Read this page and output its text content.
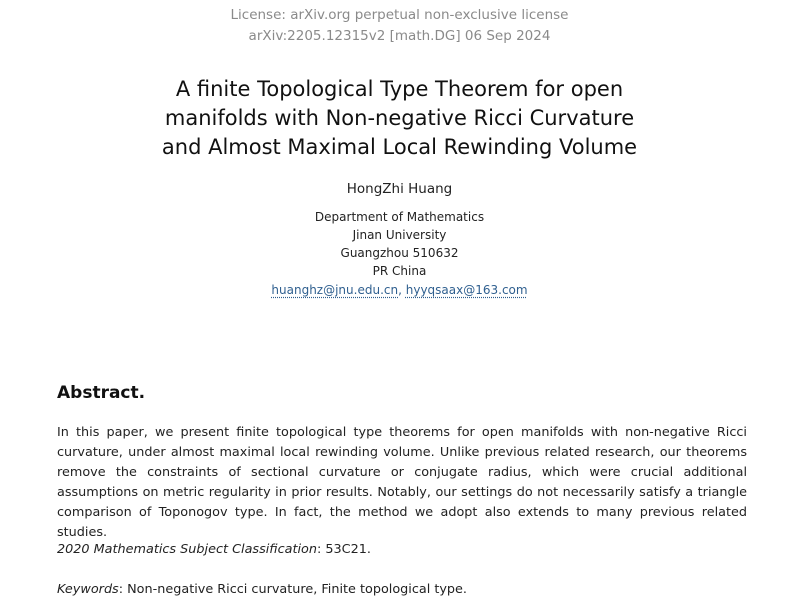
License: arXiv.org perpetual non-exclusive license
arXiv:2205.12315v2 [math.DG] 06 Sep 2024
A finite Topological Type Theorem for open
manifolds with Non-negative Ricci Curvature
and Almost Maximal Local Rewinding Volume
HongZhi Huang
Department of Mathematics
Jinan University
Guangzhou 510632
PR China
huanghz@jnu.edu.cn, hyyqsaax@163.com
Abstract.

In this paper, we present finite topological type theorems for open manifolds with non-negative Ricci curvature, under almost maximal local rewinding volume. Unlike previous related research, our theorems remove the constraints of sectional curvature or conjugate radius, which were crucial additional assumptions on metric regularity in prior results. Notably, our settings do not necessarily satisfy a triangle comparison of Toponogov type. In fact, the method we adopt also extends to many previous related studies.

2020 Mathematics Subject Classification: 53C21.
Keywords: Non-negative Ricci curvature, Finite topological type.
